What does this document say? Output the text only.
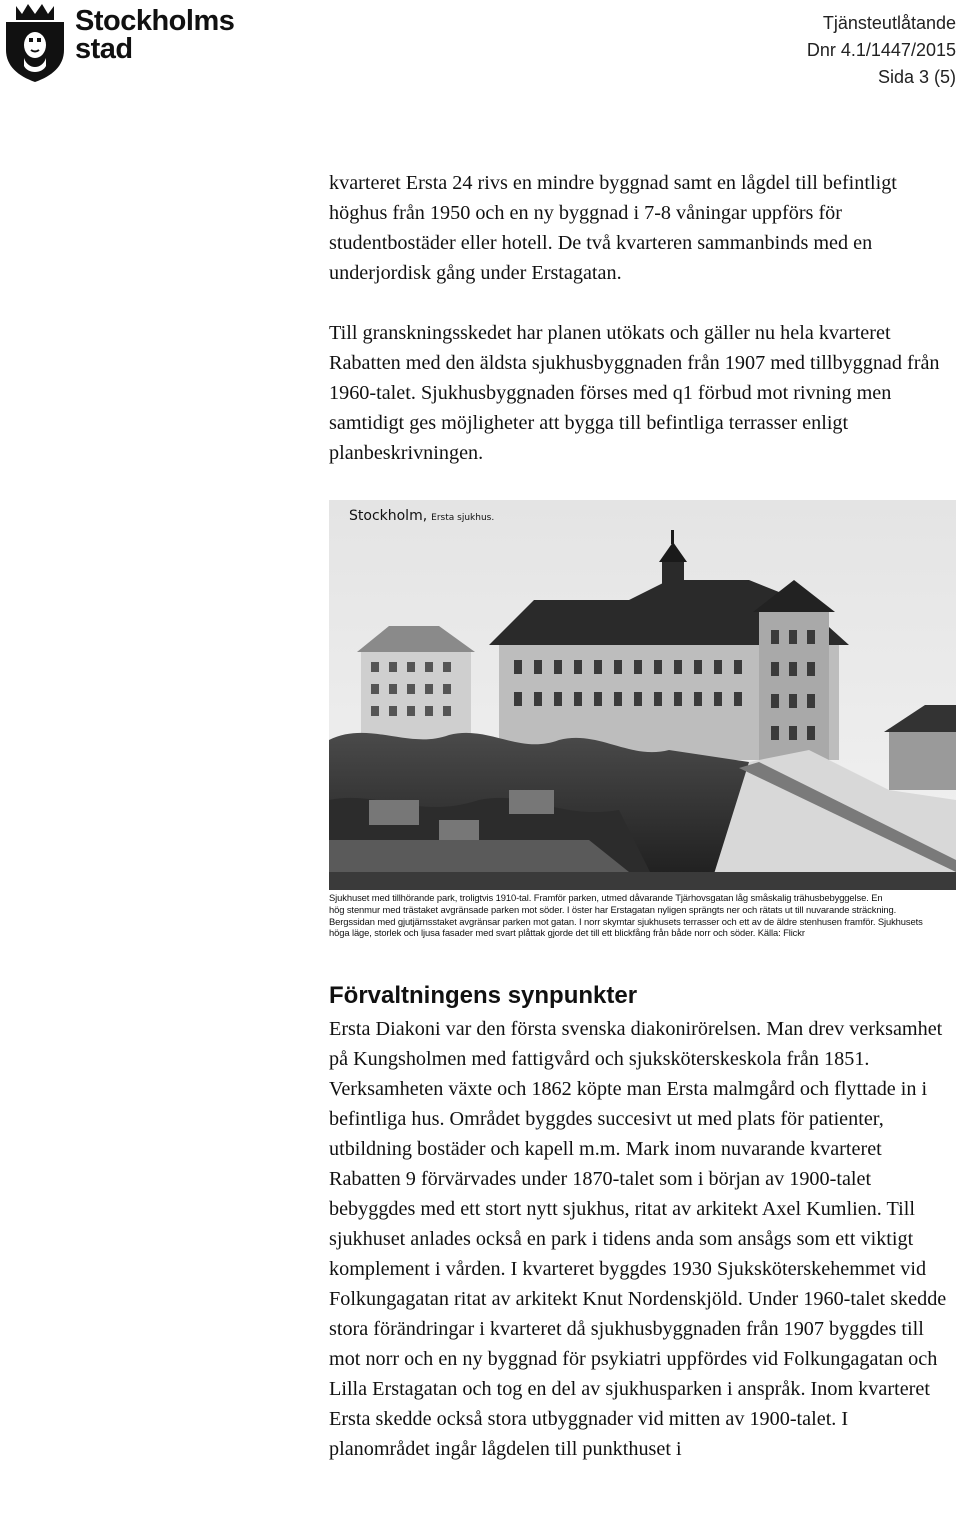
Stockholms
stad
Tjänsteutlåtande
Dnr 4.1/1447/2015
Sida 3 (5)

kvarteret Ersta 24 rivs en mindre byggnad samt en lågdel till befintligt höghus från 1950 och en ny byggnad i 7-8 våningar uppförs för studentbostäder eller hotell. De två kvarteren sammanbinds med en underjordisk gång under Erstagatan.

Till granskningsskedet har planen utökats och gäller nu hela kvarteret Rabatten med den äldsta sjukhusbyggnaden från 1907 med tillbyggnad från 1960-talet. Sjukhusbyggnaden förses med q1 förbud mot rivning men samtidigt ges möjligheter att bygga till befintliga terrasser enligt planbeskrivningen.

Stockholm, Ersta sjukhus.
Sjukhuset med tillhörande park, troligtvis 1910-tal. Framför parken, utmed dåvarande Tjärhovsgatan låg småskalig trähusbebyggelse. En
hög stenmur med trästaket avgränsade parken mot söder. I öster har Erstagatan nyligen sprängts ner och rätats ut till nuvarande sträckning.
Bergssidan med gjutjärnsstaket avgränsar parken mot gatan. I norr skymtar sjukhusets terrasser och ett av de äldre stenhusen framför. Sjukhusets
höga läge, storlek och ljusa fasader med svart plåttak gjorde det till ett blickfång från både norr och söder. Källa: Flickr
Förvaltningens synpunkter

Ersta Diakoni var den första svenska diakonirörelsen. Man drev verksamhet på Kungsholmen med fattigvård och sjuksköterskeskola från 1851. Verksamheten växte och 1862 köpte man Ersta malmgård och flyttade in i befintliga hus. Området byggdes succesivt ut med plats för patienter, utbildning bostäder och kapell m.m. Mark inom nuvarande kvarteret Rabatten 9 förvärvades under 1870-talet som i början av 1900-talet bebyggdes med ett stort nytt sjukhus, ritat av arkitekt Axel Kumlien. Till sjukhuset anlades också en park i tidens anda som ansågs som ett viktigt komplement i vården. I kvarteret byggdes 1930 Sjuksköterskehemmet vid Folkungagatan ritat av arkitekt Knut Nordenskjöld. Under 1960-talet skedde stora förändringar i kvarteret då sjukhusbyggnaden från 1907 byggdes till mot norr och en ny byggnad för psykiatri uppfördes vid Folkungagatan och Lilla Erstagatan och tog en del av sjukhusparken i anspråk. Inom kvarteret Ersta skedde också stora utbyggnader vid mitten av 1900-talet. I planområdet ingår lågdelen till punkthuset i
